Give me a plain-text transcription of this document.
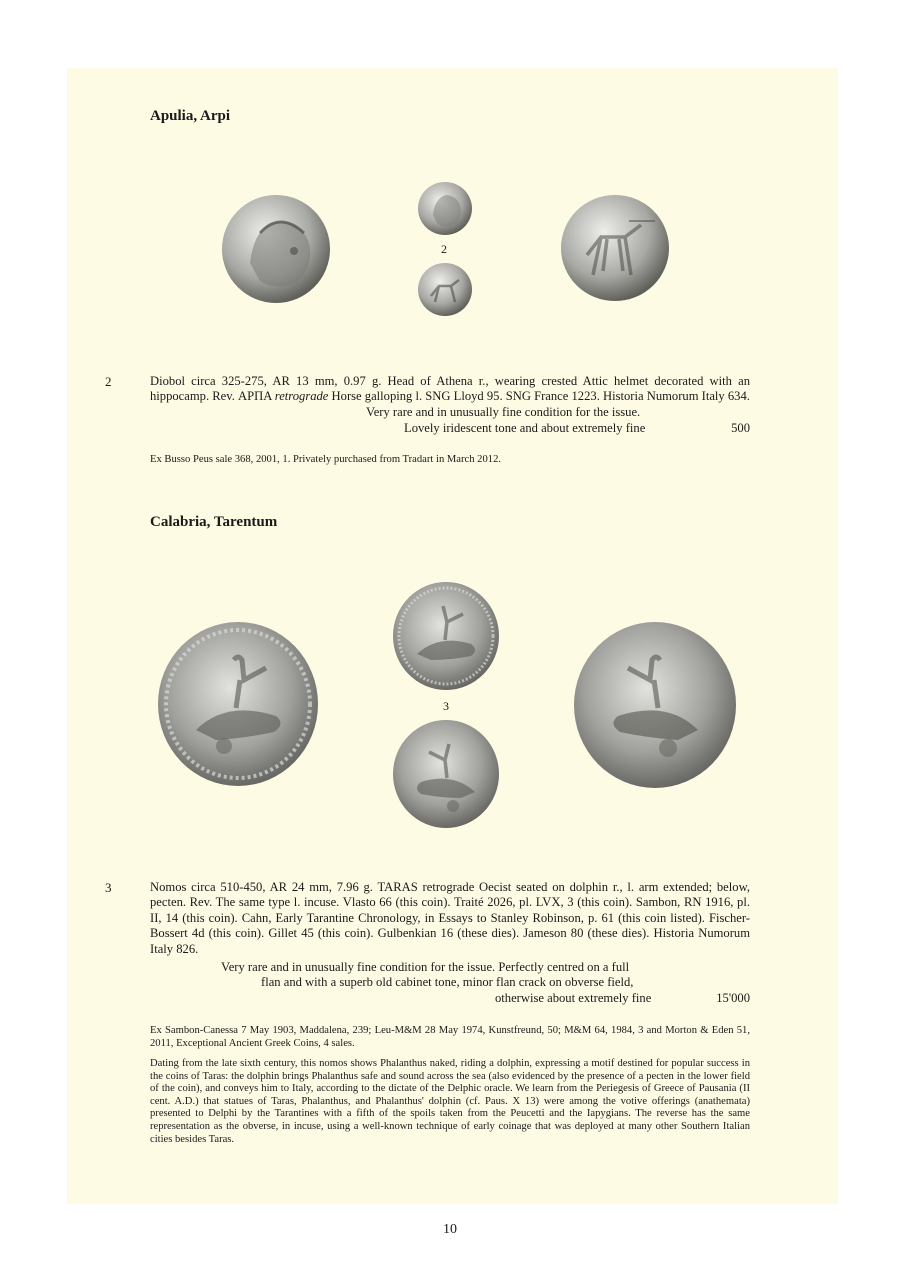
Apulia, Arpi
2
2	Diobol circa 325-275, AR 13 mm, 0.97 g. Head of Athena r., wearing crested Attic helmet decorated with an hippocamp. Rev. ΑΡΠΑ retrograde Horse galloping l. SNG Lloyd 95. SNG France 1223. Historia Numorum Italy 634.
Very rare and in unusually fine condition for the issue.
Lovely iridescent tone and about extremely fine	500
Ex Busso Peus sale 368, 2001, 1. Privately purchased from Tradart in March 2012.
Calabria, Tarentum
3
3	Nomos circa 510-450, AR 24 mm, 7.96 g. TARAS retrograde Oecist seated on dolphin r., l. arm extended; below, pecten. Rev. The same type l. incuse. Vlasto 66 (this coin). Traité 2026, pl. LVX, 3 (this coin). Sambon, RN 1916, pl. II, 14 (this coin). Cahn, Early Tarantine Chronology, in Essays to Stanley Robinson, p. 61 (this coin listed). Fischer-Bossert 4d (this coin). Gillet 45 (this coin). Gulbenkian 16 (these dies). Jameson 80 (these dies). Historia Numorum Italy 826.
Very rare and in unusually fine condition for the issue. Perfectly centred on a full
flan and with a superb old cabinet tone, minor flan crack on obverse field,
otherwise about extremely fine	15'000
Ex Sambon-Canessa 7 May 1903, Maddalena, 239; Leu-M&M 28 May 1974, Kunstfreund, 50; M&M 64, 1984, 3 and Morton & Eden 51, 2011, Exceptional Ancient Greek Coins, 4 sales.
Dating from the late sixth century, this nomos shows Phalanthus naked, riding a dolphin, expressing a motif destined for popular success in the coins of Taras: the dolphin brings Phalanthus safe and sound across the sea (also evidenced by the presence of a pecten in the lower field of the coin), and conveys him to Italy, according to the dictate of the Delphic oracle. We learn from the Periegesis of Greece of Pausania (II cent. A.D.) that statues of Taras, Phalanthus, and Phalanthus' dolphin (cf. Paus. X 13) were among the votive offerings (anathemata) presented to Delphi by the Tarantines with a fifth of the spoils taken from the Peucetti and the Iapygians. The reverse has the same representation as the obverse, in incuse, using a well-known technique of early coinage that was deployed at many other Southern Italian cities besides Taras.
10
